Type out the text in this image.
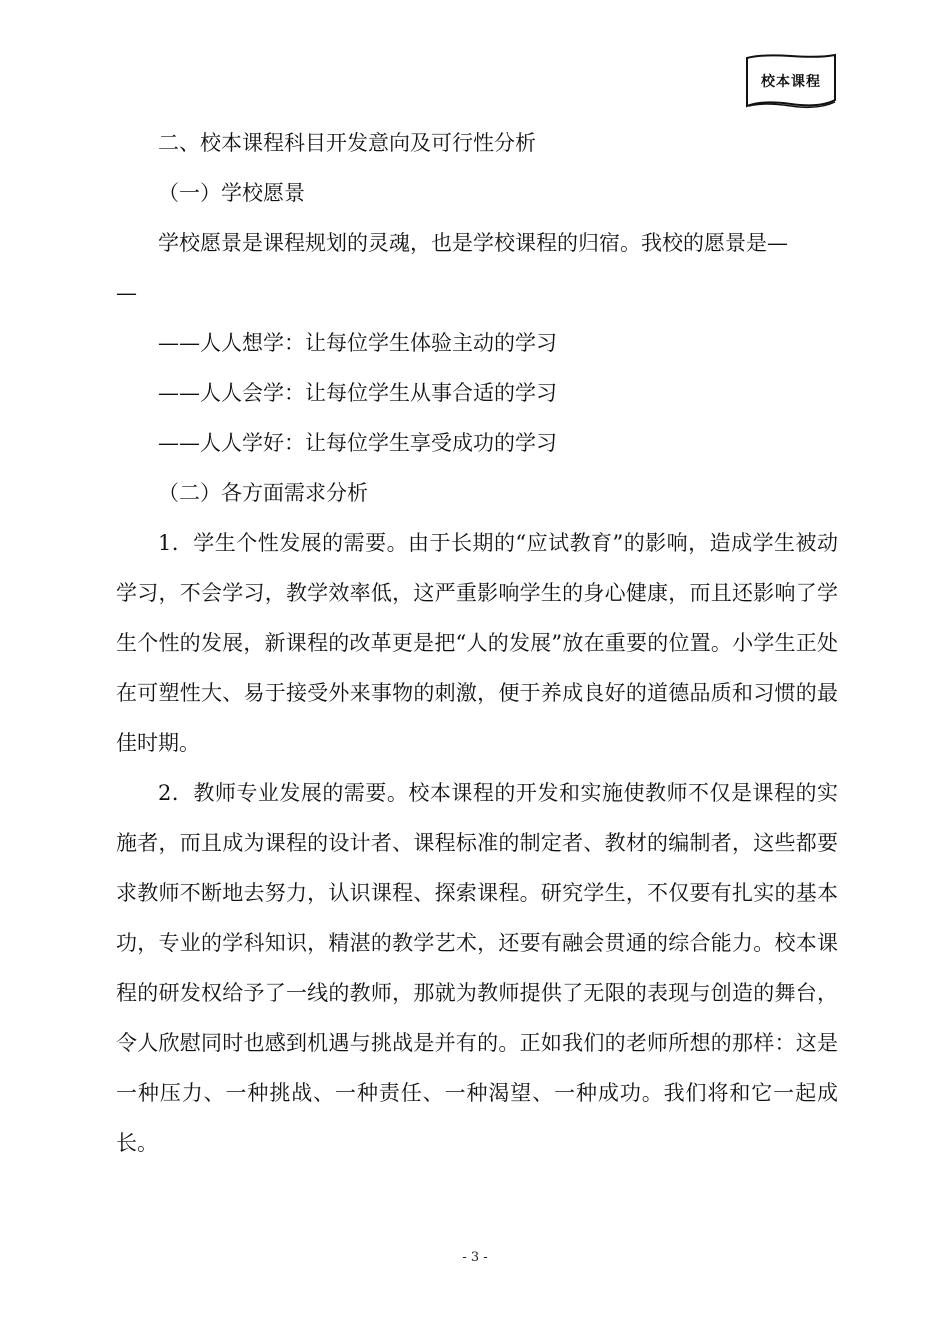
校本课程

二、校本课程科目开发意向及可行性分析

（一）学校愿景

学校愿景是课程规划的灵魂，也是学校课程的归宿。我校的愿景是—

—

——人人想学：让每位学生体验主动的学习

——人人会学：让每位学生从事合适的学习

——人人学好：让每位学生享受成功的学习

（二）各方面需求分析

1．学生个性发展的需要。由于长期的“应试教育”的影响，造成学生被动学习，不会学习，教学效率低，这严重影响学生的身心健康，而且还影响了学生个性的发展，新课程的改革更是把“人的发展”放在重要的位置。小学生正处在可塑性大、易于接受外来事物的刺激，便于养成良好的道德品质和习惯的最佳时期。

2．教师专业发展的需要。校本课程的开发和实施使教师不仅是课程的实施者，而且成为课程的设计者、课程标准的制定者、教材的编制者，这些都要求教师不断地去努力，认识课程、探索课程。研究学生，不仅要有扎实的基本功，专业的学科知识，精湛的教学艺术，还要有融会贯通的综合能力。校本课程的研发权给予了一线的教师，那就为教师提供了无限的表现与创造的舞台，令人欣慰同时也感到机遇与挑战是并有的。正如我们的老师所想的那样：这是一种压力、一种挑战、一种责任、一种渴望、一种成功。我们将和它一起成长。

- 3 -
